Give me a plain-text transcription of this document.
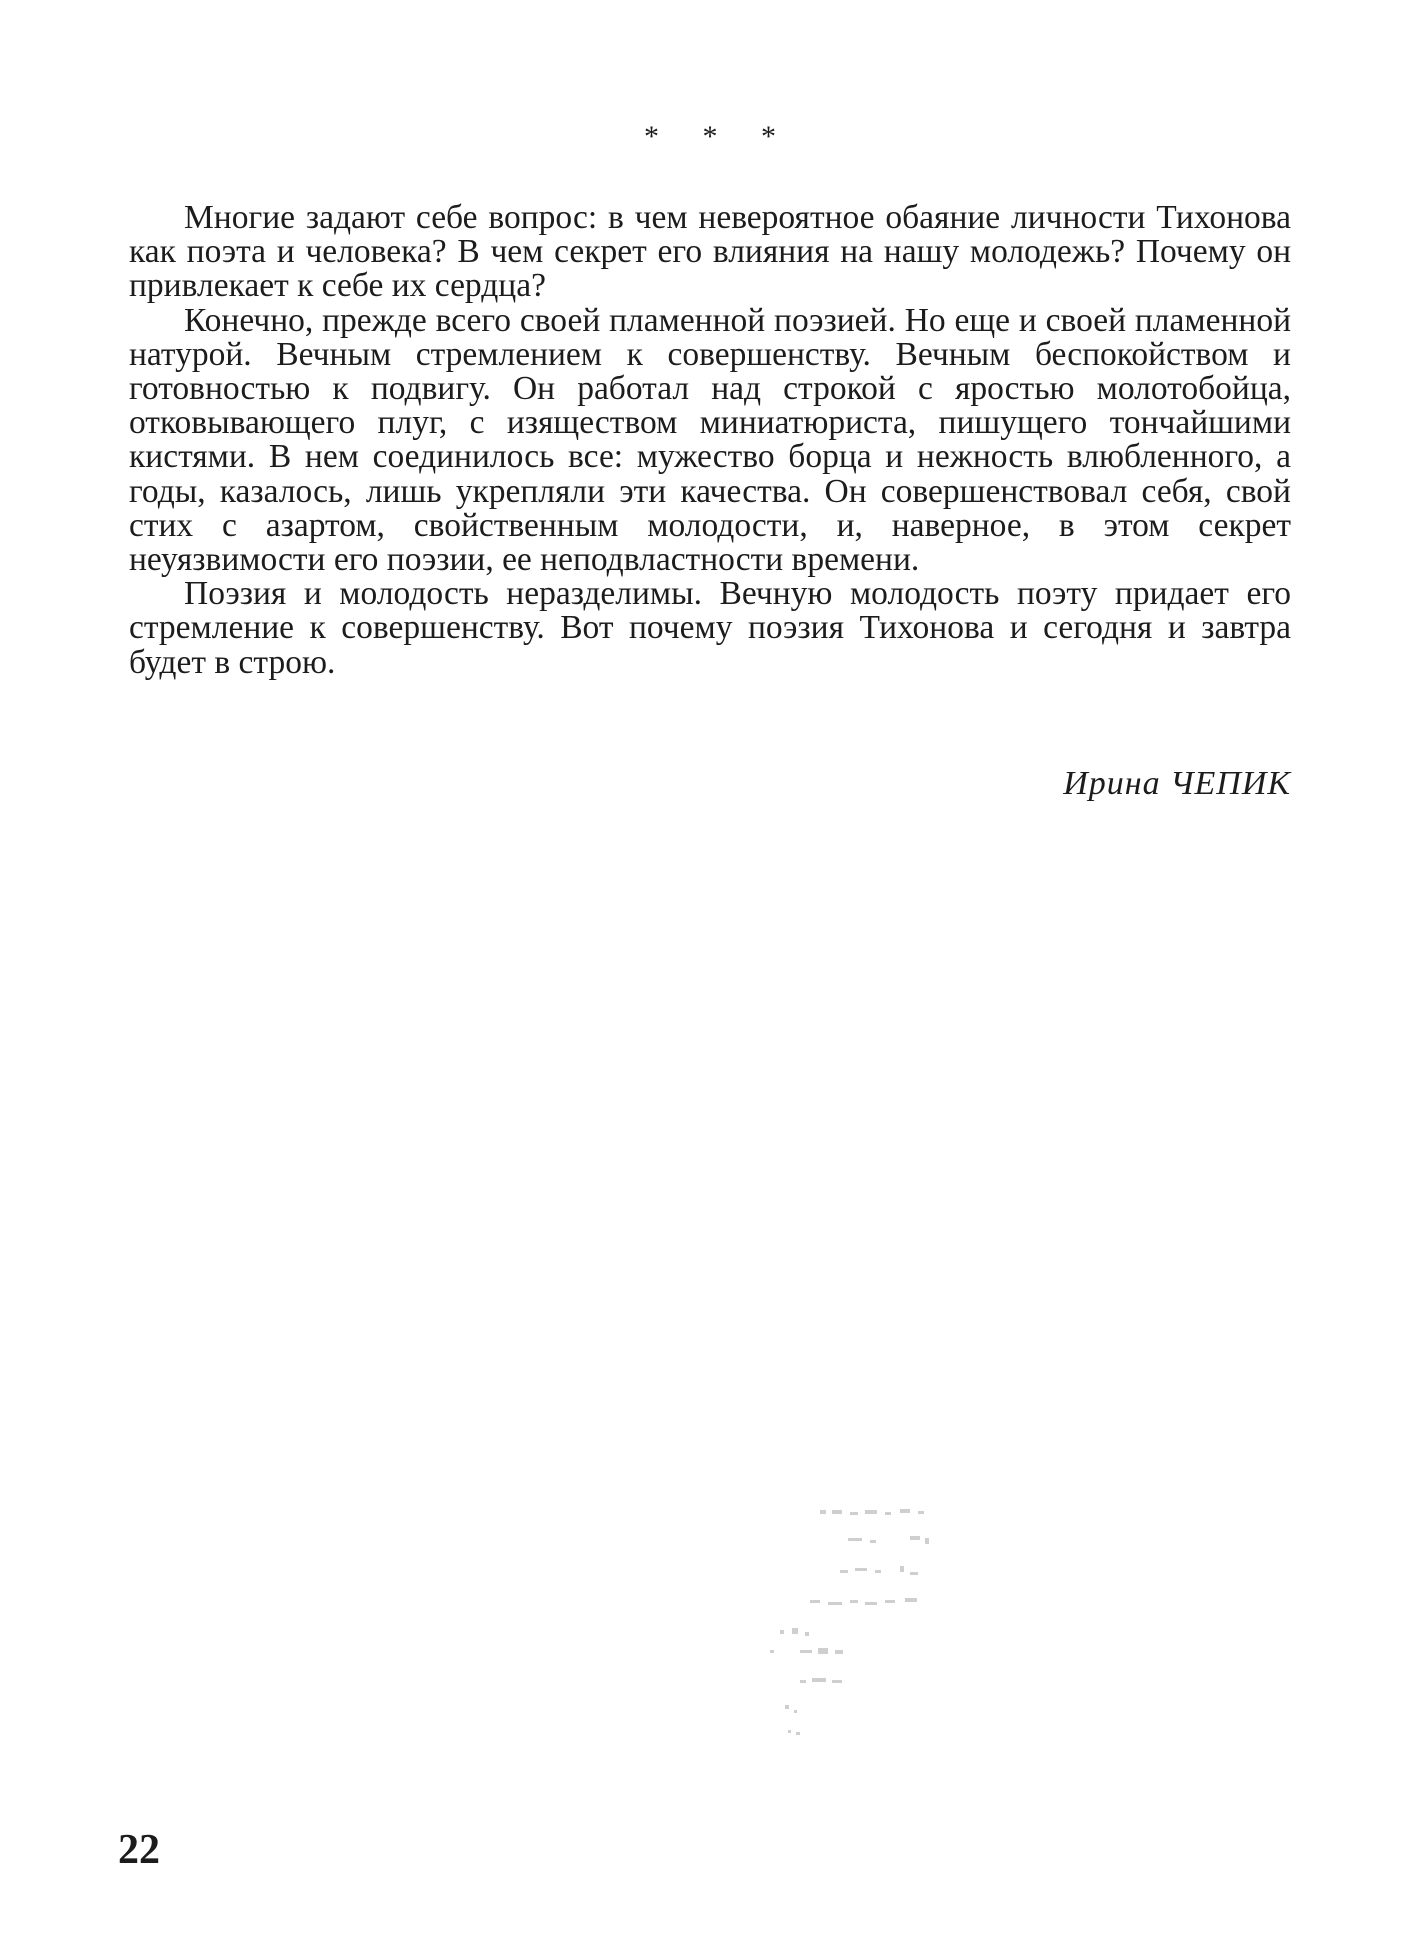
* * *

Многие задают себе вопрос: в чем невероятное обаяние личности Тихонова как поэта и человека? В чем секрет его влияния на нашу молодежь? Почему он привлекает к себе их сердца?

Конечно, прежде всего своей пламенной поэзией. Но еще и своей пламенной натурой. Вечным стремлением к совершенству. Вечным беспокойством и готовностью к подвигу. Он работал над строкой с яростью молотобойца, отковывающего плуг, с изяществом миниатюриста, пишущего тончайшими кистями. В нем соединилось все: мужество борца и нежность влюбленного, а годы, казалось, лишь укрепляли эти качества. Он совершенствовал себя, свой стих с азартом, свойственным молодости, и, наверное, в этом секрет неуязвимости его поэзии, ее неподвластности времени.

Поэзия и молодость неразделимы. Вечную молодость поэту придает его стремление к совершенству. Вот почему поэзия Тихонова и сегодня и завтра будет в строю.

Ирина ЧЕПИК
22
